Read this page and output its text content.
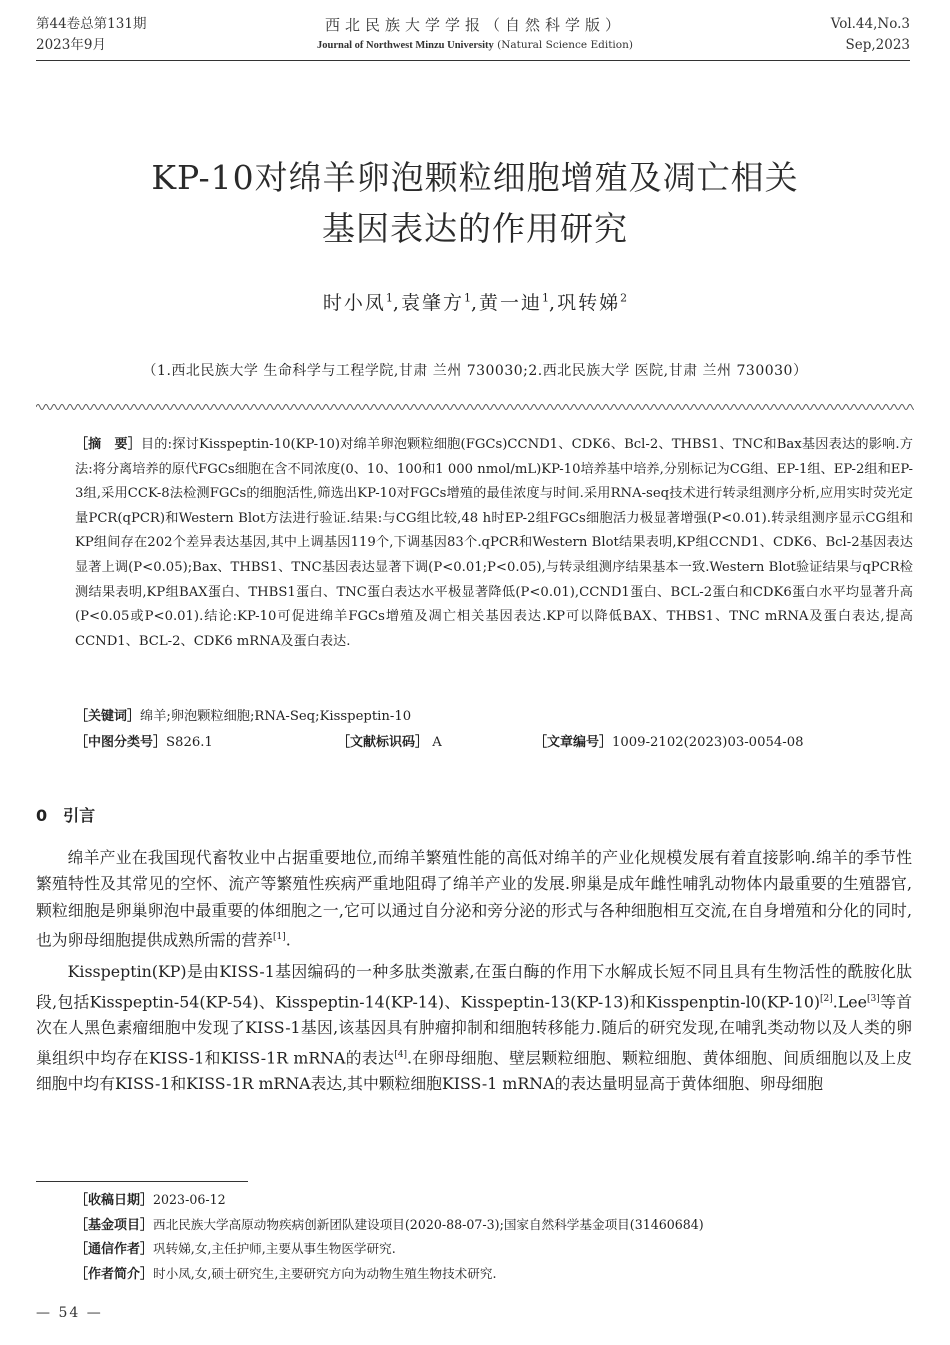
第44卷总第131期
2023年9月
西北民族大学学报（自然科学版）
Journal of Northwest Minzu University (Natural Science Edition)
Vol.44,No.3
Sep,2023
KP-10对绵羊卵泡颗粒细胞增殖及凋亡相关
基因表达的作用研究
时小凤$^1$,袁肇方$^1$,黄一迪$^1$,巩转娣$^2$
（1.西北民族大学 生命科学与工程学院,甘肃 兰州 730030;2.西北民族大学 医院,甘肃 兰州 730030）
［摘　要］目的:探讨Kisspeptin-10(KP-10)对绵羊卵泡颗粒细胞(FGCs)CCND1、CDK6、Bcl-2、THBS1、TNC和Bax基因表达的影响.方法:将分离培养的原代FGCs细胞在含不同浓度(0、10、100和1 000 nmol/mL)KP-10培养基中培养,分别标记为CG组、EP-1组、EP-2组和EP-3组,采用CCK-8法检测FGCs的细胞活性,筛选出KP-10对FGCs增殖的最佳浓度与时间.采用RNA-seq技术进行转录组测序分析,应用实时荧光定量PCR(qPCR)和Western Blot方法进行验证.结果:与CG组比较,48 h时EP-2组FGCs细胞活力极显著增强(P<0.01).转录组测序显示CG组和KP组间存在202个差异表达基因,其中上调基因119个,下调基因83个.qPCR和Western Blot结果表明,KP组CCND1、CDK6、Bcl-2基因表达显著上调(P<0.05);Bax、THBS1、TNC基因表达显著下调(P<0.01;P<0.05),与转录组测序结果基本一致.Western Blot验证结果与qPCR检测结果表明,KP组BAX蛋白、THBS1蛋白、TNC蛋白表达水平极显著降低(P<0.01),CCND1蛋白、BCL-2蛋白和CDK6蛋白水平均显著升高(P<0.05或P<0.01).结论:KP-10可促进绵羊FGCs增殖及凋亡相关基因表达.KP可以降低BAX、THBS1、TNC mRNA及蛋白表达,提高CCND1、BCL-2、CDK6 mRNA及蛋白表达.
［关键词］绵羊;卵泡颗粒细胞;RNA-Seq;Kisspeptin-10
［中图分类号］S826.1	［文献标识码］ A	［文章编号］1009-2102(2023)03-0054-08
0　引言

绵羊产业在我国现代畜牧业中占据重要地位,而绵羊繁殖性能的高低对绵羊的产业化规模发展有着直接影响.绵羊的季节性繁殖特性及其常见的空怀、流产等繁殖性疾病严重地阻碍了绵羊产业的发展.卵巢是成年雌性哺乳动物体内最重要的生殖器官,颗粒细胞是卵巢卵泡中最重要的体细胞之一,它可以通过自分泌和旁分泌的形式与各种细胞相互交流,在自身增殖和分化的同时,也为卵母细胞提供成熟所需的营养[1].

Kisspeptin(KP)是由KISS-1基因编码的一种多肽类激素,在蛋白酶的作用下水解成长短不同且具有生物活性的酰胺化肽段,包括Kisspeptin-54(KP-54)、Kisspeptin-14(KP-14)、Kisspeptin-13(KP-13)和Kisspenptin-l0(KP-10)[2].Lee[3]等首次在人黑色素瘤细胞中发现了KISS-1基因,该基因具有肿瘤抑制和细胞转移能力.随后的研究发现,在哺乳类动物以及人类的卵巢组织中均存在KISS-1和KISS-1R mRNA的表达[4].在卵母细胞、壁层颗粒细胞、颗粒细胞、黄体细胞、间质细胞以及上皮细胞中均有KISS-1和KISS-1R mRNA表达,其中颗粒细胞KISS-1 mRNA的表达量明显高于黄体细胞、卵母细胞

［收稿日期］2023-06-12
［基金项目］西北民族大学高原动物疾病创新团队建设项目(2020-88-07-3);国家自然科学基金项目(31460684)
［通信作者］巩转娣,女,主任护师,主要从事生物医学研究.
［作者简介］时小凤,女,硕士研究生,主要研究方向为动物生殖生物技术研究.
— 54 —
